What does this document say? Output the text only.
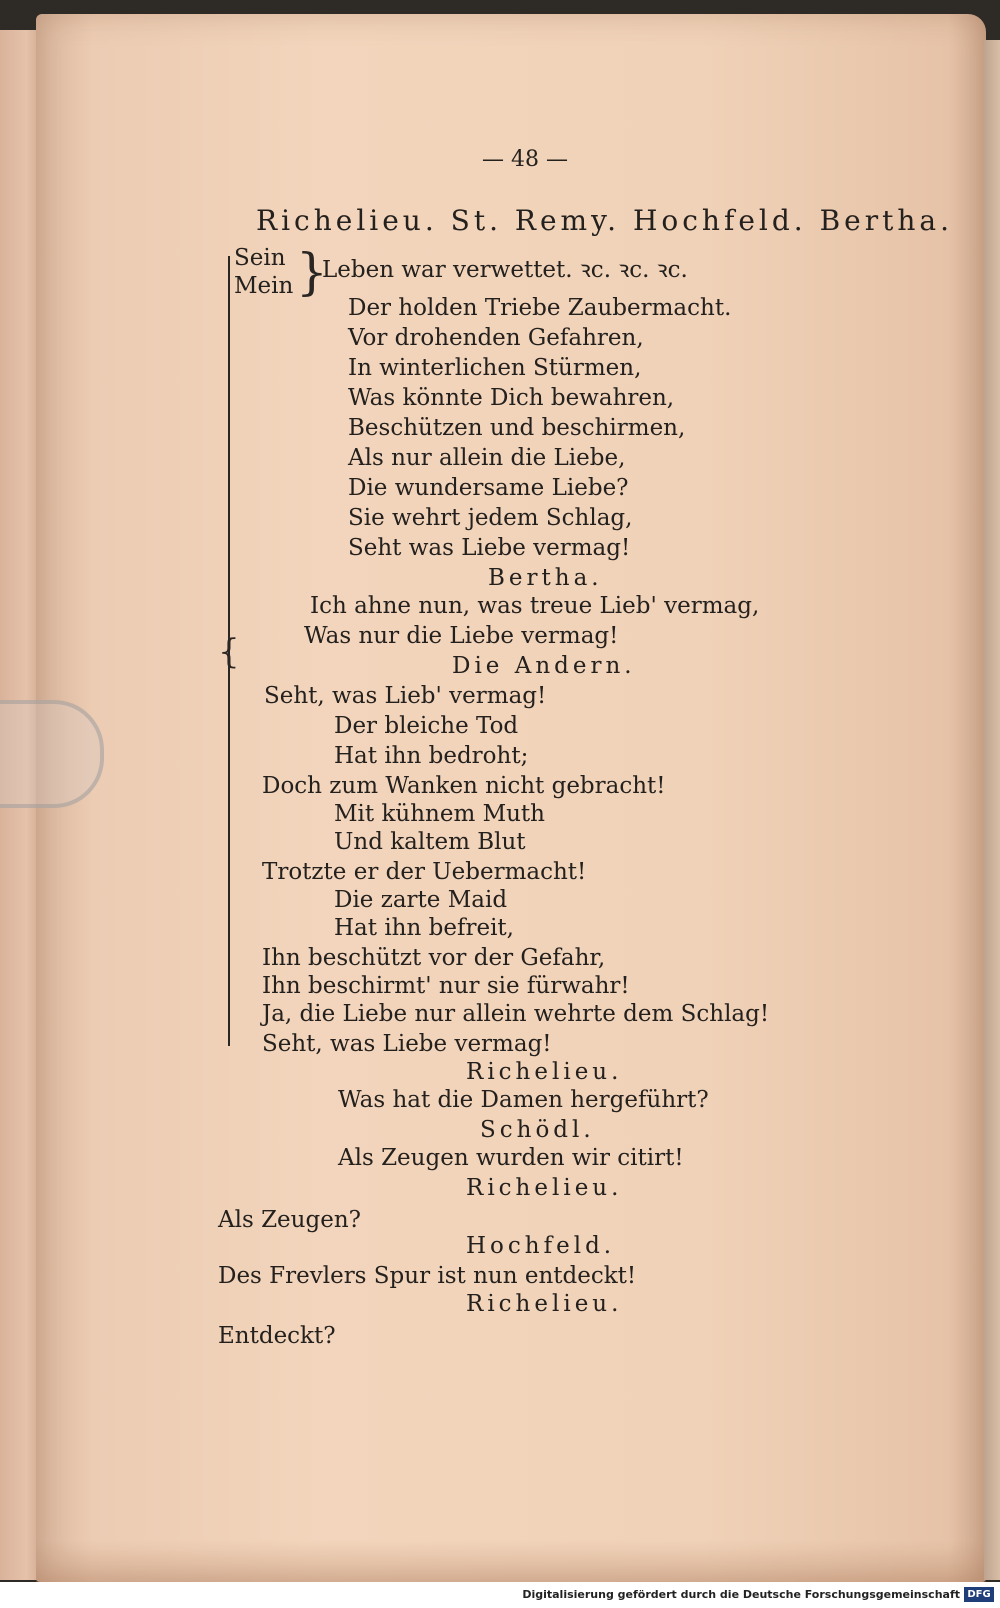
— 48 —
Richelieu. St. Remy. Hochfeld. Bertha.
{
}
Sein
Mein
Leben war verwettet. ꝛc. ꝛc. ꝛc.
Der holden Triebe Zaubermacht.
Vor drohenden Gefahren,
In winterlichen Stürmen,
Was könnte Dich bewahren,
Beschützen und beschirmen,
Als nur allein die Liebe,
Die wundersame Liebe?
Sie wehrt jedem Schlag,
Seht was Liebe vermag!
Bertha.
Ich ahne nun, was treue Lieb' vermag,
Was nur die Liebe vermag!
Die Andern.
Seht, was Lieb' vermag!
Der bleiche Tod
Hat ihn bedroht;
Doch zum Wanken nicht gebracht!
Mit kühnem Muth
Und kaltem Blut
Trotzte er der Uebermacht!
Die zarte Maid
Hat ihn befreit,
Ihn beschützt vor der Gefahr,
Ihn beschirmt' nur sie fürwahr!
Ja, die Liebe nur allein wehrte dem Schlag!
Seht, was Liebe vermag!
Richelieu.
Was hat die Damen hergeführt?
Schödl.
Als Zeugen wurden wir citirt!
Richelieu.
Als Zeugen?
Hochfeld.
Des Frevlers Spur ist nun entdeckt!
Richelieu.
Entdeckt?
Digitalisierung gefördert durch die Deutsche Forschungsgemeinschaft DFG
